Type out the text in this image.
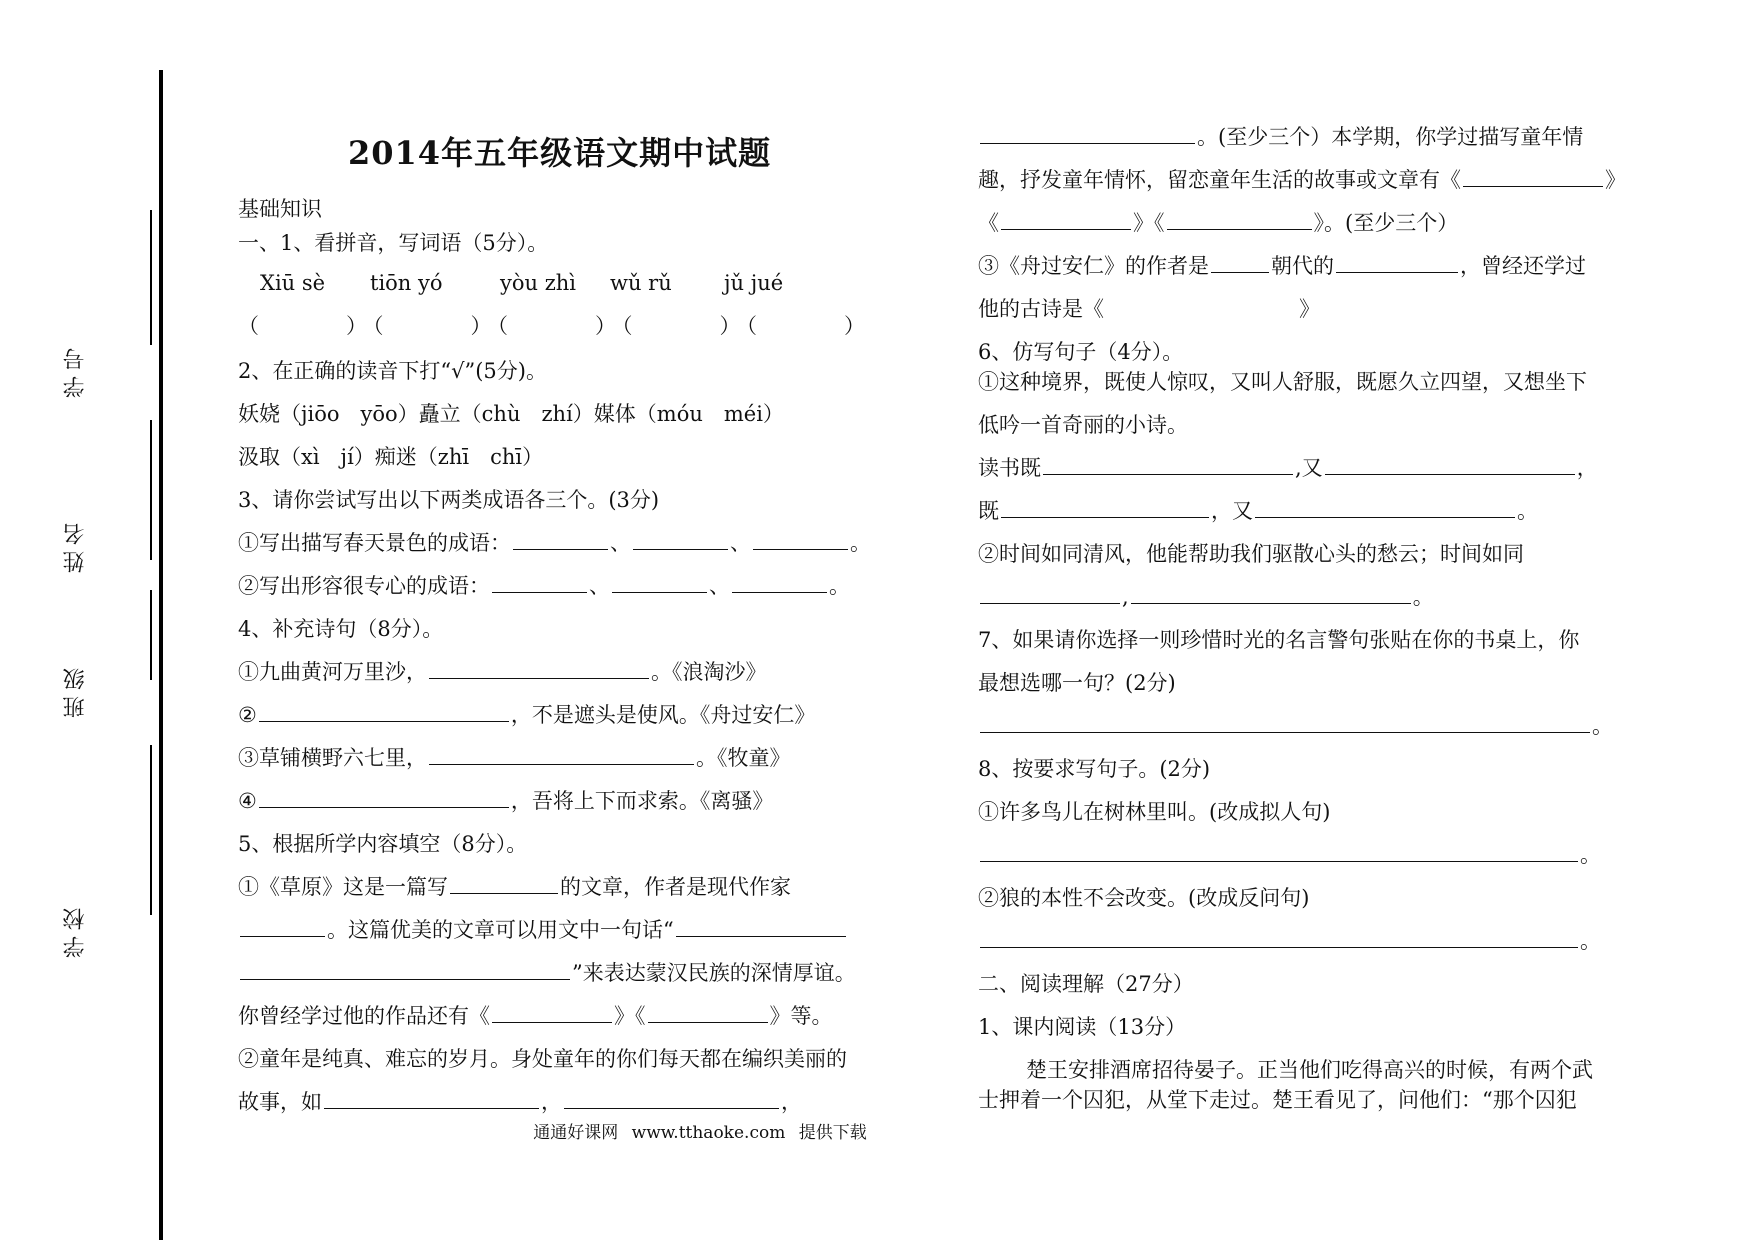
学号
姓名
班级
学校
2014年五年级语文期中试题
基础知识
一、1、看拼音，写词语（5分）。
Xiū sè tiōn yó	yòu zhì wǔ rǔ jǔ jué
（　　　）（　　　）（　　　）（　　　）（　　　）
2、在正确的读音下打“√”(5分)。
妖娆（jiōo　yōo）矗立（chù　zhí）媒体（móu　méi）
汲取（xì　jí）痴迷（zhī　chī）
3、请你尝试写出以下两类成语各三个。(3分)
①写出描写春天景色的成语：	、	、	。
②写出形容很专心的成语：	、	、	。
4、补充诗句（8分）。
①九曲黄河万里沙，	。《浪淘沙》
②	，不是遮头是使风。《舟过安仁》
③草铺横野六七里，	。《牧童》
④	，吾将上下而求索。《离骚》
5、根据所学内容填空（8分）。
①《草原》这是一篇写	的文章，作者是现代作家
。这篇优美的文章可以用文中一句话“
”来表达蒙汉民族的深情厚谊。
你曾经学过他的作品还有《	》《	》等。
②童年是纯真、难忘的岁月。身处童年的你们每天都在编织美丽的
故事，如	，	，
。(至少三个）本学期，你学过描写童年情
趣，抒发童年情怀，留恋童年生活的故事或文章有《	》
《	》《	》。(至少三个）
③《舟过安仁》的作者是	朝代的	，曾经还学过
他的古诗是《	》
6、仿写句子（4分）。
①这种境界，既使人惊叹，又叫人舒服，既愿久立四望，又想坐下
低吟一首奇丽的小诗。
读书既	,又	，
既	，又	。
②时间如同清风，他能帮助我们驱散心头的愁云；时间如同
,	。
7、如果请你选择一则珍惜时光的名言警句张贴在你的书桌上，你
最想选哪一句？(2分)
。
8、按要求写句子。(2分)
①许多鸟儿在树林里叫。(改成拟人句)
。
②狼的本性不会改变。(改成反问句)
。
二、阅读理解（27分）
1、课内阅读（13分）
楚王安排酒席招待晏子。正当他们吃得高兴的时候，有两个武
士押着一个囚犯，从堂下走过。楚王看见了，问他们：“那个囚犯
通通好课网 www.tthaoke.com 提供下载
